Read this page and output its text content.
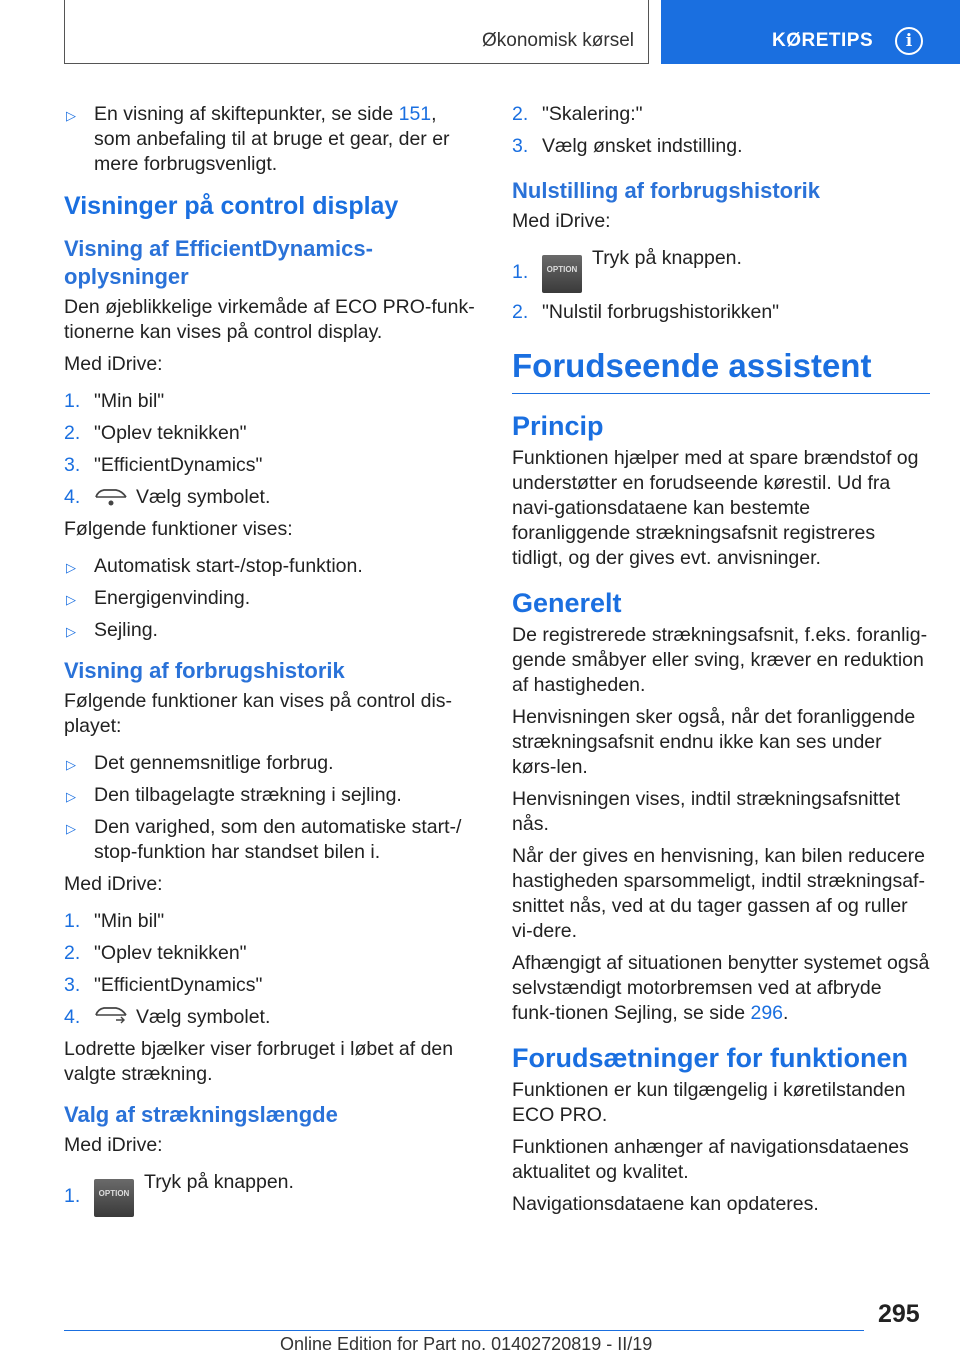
Økonomisk kørsel	KØRETIPS	i
▷ En visning af skiftepunkter, se side 151, som anbefaling til at bruge et gear, der er mere forbrugsvenligt.
Visninger på control display
Visning af EfficientDynamics-oplysninger

Den øjeblikkelige virkemåde af ECO PRO-funk-tionerne kan vises på control display.

Med iDrive:

1. "Min bil"
2. "Oplev teknikken"
3. "EfficientDynamics"
4.	Vælg symbolet.

Følgende funktioner vises:

▷ Automatisk start-/stop-funktion.
▷ Energigenvinding.
▷ Sejling.
Visning af forbrugshistorik

Følgende funktioner kan vises på control dis-playet:

▷ Det gennemsnitlige forbrug.
▷ Den tilbagelagte strækning i sejling.
▷ Den varighed, som den automatiske start-/ stop-funktion har standset bilen i.

Med iDrive:

1. "Min bil"
2. "Oplev teknikken"
3. "EfficientDynamics"
4.	Vælg symbolet.

Lodrette bjælker viser forbruget i løbet af den valgte strækning.

Valg af strækningslængde

Med iDrive:

1. OPTIONTryk på knappen.
2. "Skalering:"
3. Vælg ønsket indstilling.
Nulstilling af forbrugshistorik

Med iDrive:

1. OPTIONTryk på knappen.
2. "Nulstil forbrugshistorikken"
Forudseende assistent
Princip

Funktionen hjælper med at spare brændstof og understøtter en forudseende kørestil. Ud fra navi-gationsdataene kan bestemte foranliggende strækningsafsnit registreres tidligt, og der gives evt. anvisninger.

Generelt

De registrerede strækningsafsnit, f.eks. foranlig-gende småbyer eller sving, kræver en reduktion af hastigheden.

Henvisningen sker også, når det foranliggende strækningsafsnit endnu ikke kan ses under kørs-len.

Henvisningen vises, indtil strækningsafsnittet nås.

Når der gives en henvisning, kan bilen reducere hastigheden sparsommeligt, indtil strækningsaf-snittet nås, ved at du tager gassen af og ruller vi-dere.

Afhængigt af situationen benytter systemet også selvstændigt motorbremsen ved at afbryde funk-tionen Sejling, se side 296.

Forudsætninger for funktionen

Funktionen er kun tilgængelig i køretilstanden ECO PRO.

Funktionen anhænger af navigationsdataenes aktualitet og kvalitet.

Navigationsdataene kan opdateres.

295
Online Edition for Part no. 01402720819 - II/19
